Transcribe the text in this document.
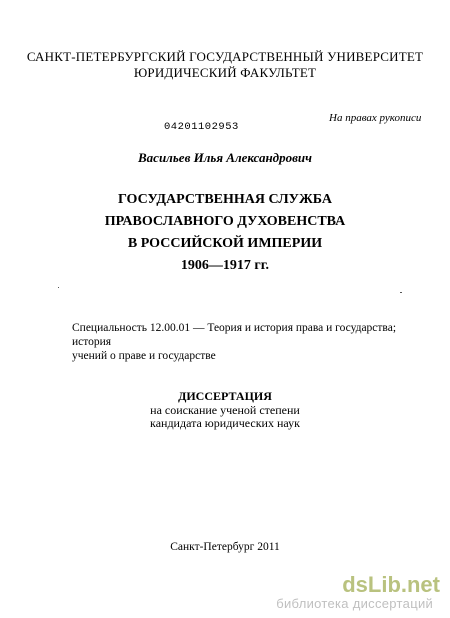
САНКТ-ПЕТЕРБУРГСКИЙ ГОСУДАРСТВЕННЫЙ УНИВЕРСИТЕТ
ЮРИДИЧЕСКИЙ ФАКУЛЬТЕТ
На правах рукописи
04201102953
Васильев Илья Александрович
ГОСУДАРСТВЕННАЯ СЛУЖБА
ПРАВОСЛАВНОГО ДУХОВЕНСТВА
В РОССИЙСКОЙ ИМПЕРИИ
1906—1917 гг.
Специальность 12.00.01 — Теория и история права и государства; история
учений о праве и государстве
ДИССЕРТАЦИЯ
на соискание ученой степени
кандидата юридических наук
Санкт-Петербург 2011
dsLib.net
библиотека диссертаций
